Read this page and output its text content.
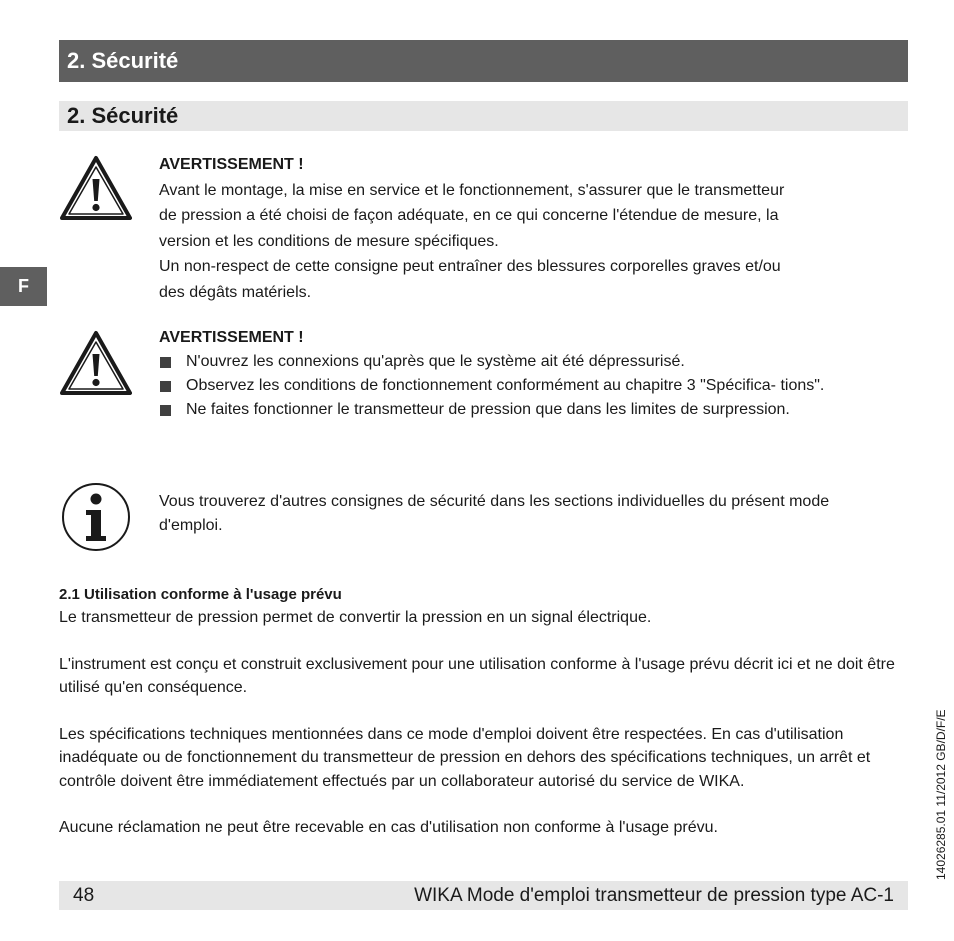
2. Sécurité
2. Sécurité
F
AVERTISSEMENT !
Avant le montage, la mise en service et le fonctionnement, s'assurer que le transmetteur
de pression a été choisi de façon adéquate, en ce qui concerne l'étendue de mesure, la
version et les conditions de mesure spécifiques.
Un non-respect de cette consigne peut entraîner des blessures corporelles graves et/ou
des dégâts matériels.
AVERTISSEMENT !
N'ouvrez les connexions qu'après que le système ait été dépressurisé.
Observez les conditions de fonctionnement conformément au chapitre 3 "Spécifica- tions".
Ne faites fonctionner le transmetteur de pression que dans les limites de surpression.
Vous trouverez d'autres consignes de sécurité dans les sections individuelles du présent mode d'emploi.
2.1 Utilisation conforme à l'usage prévu

Le transmetteur de pression permet de convertir la pression en un signal électrique.

L'instrument est conçu et construit exclusivement pour une utilisation conforme à l'usage prévu décrit ici et ne doit être utilisé qu'en conséquence.

Les spécifications techniques mentionnées dans ce mode d'emploi doivent être respectées. En cas d'utilisation inadéquate ou de fonctionnement du transmetteur de pression en dehors des spécifications techniques, un arrêt et contrôle doivent être immédiatement effectués par un collaborateur autorisé du service de WIKA.

Aucune réclamation ne peut être recevable en cas d'utilisation non conforme à l'usage prévu.

48	WIKA Mode d'emploi transmetteur de pression type AC-1
14026285.01 11/2012 GB/D/F/E
